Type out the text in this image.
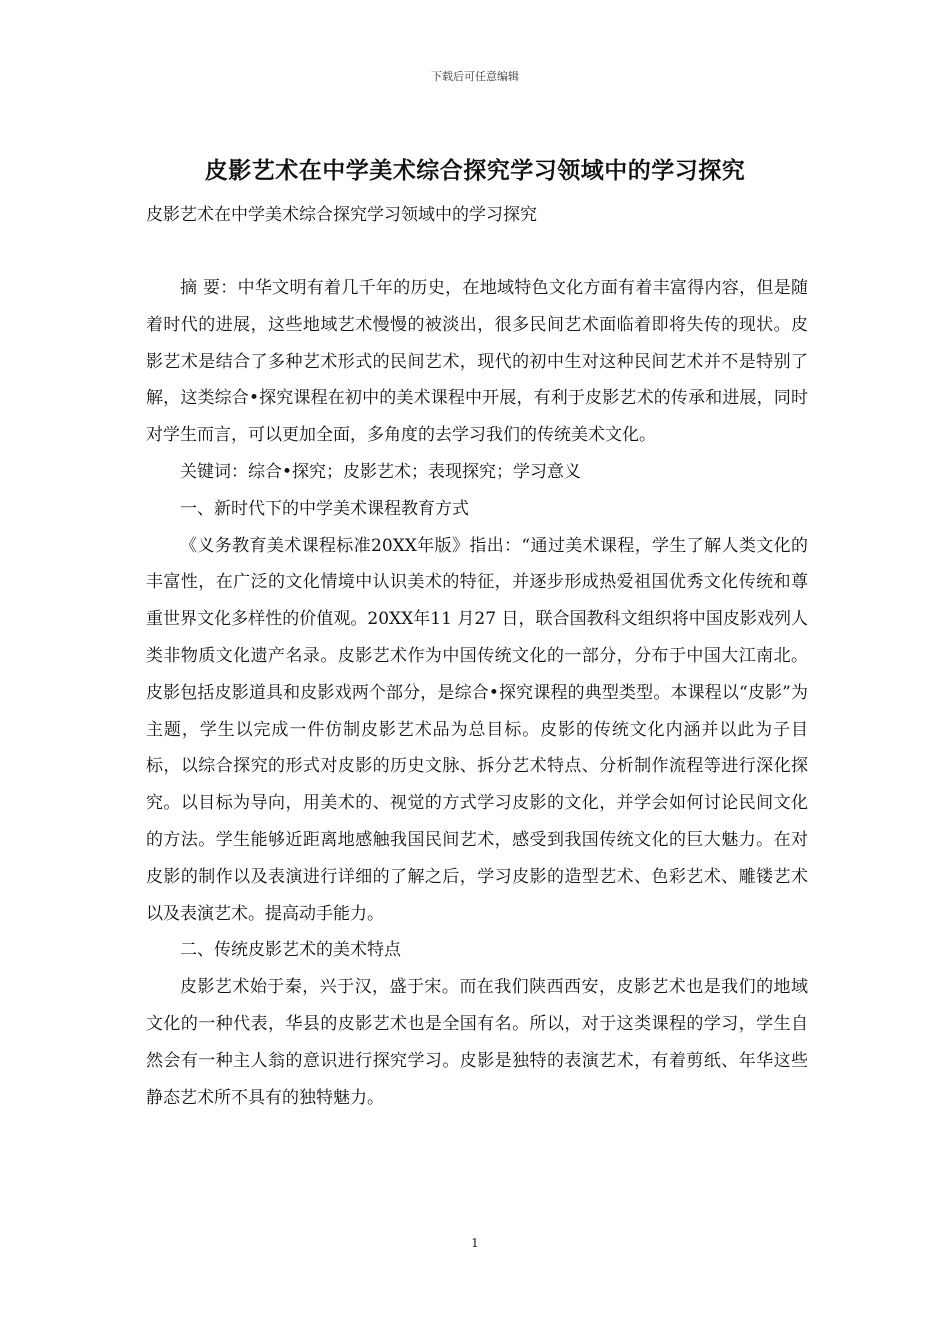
下载后可任意编辑
皮影艺术在中学美术综合探究学习领域中的学习探究

皮影艺术在中学美术综合探究学习领域中的学习探究

摘 要：中华文明有着几千年的历史，在地域特色文化方面有着丰富得内容，但是随着时代的进展，这些地域艺术慢慢的被淡出，很多民间艺术面临着即将失传的现状。皮影艺术是结合了多种艺术形式的民间艺术，现代的初中生对这种民间艺术并不是特别了解，这类综合•探究课程在初中的美术课程中开展，有利于皮影艺术的传承和进展，同时对学生而言，可以更加全面，多角度的去学习我们的传统美术文化。

关键词：综合•探究；皮影艺术；表现探究；学习意义

一、新时代下的中学美术课程教育方式

《义务教育美术课程标准20XX年版》指出：“通过美术课程，学生了解人类文化的丰富性，在广泛的文化情境中认识美术的特征，并逐步形成热爱祖国优秀文化传统和尊重世界文化多样性的价值观。20XX年11 月27 日，联合国教科文组织将中国皮影戏列人类非物质文化遗产名录。皮影艺术作为中国传统文化的一部分，分布于中国大江南北。皮影包括皮影道具和皮影戏两个部分，是综合•探究课程的典型类型。本课程以“皮影”为主题，学生以完成一件仿制皮影艺术品为总目标。皮影的传统文化内涵并以此为子目标，以综合探究的形式对皮影的历史文脉、拆分艺术特点、分析制作流程等进行深化探究。以目标为导向，用美术的、视觉的方式学习皮影的文化，并学会如何讨论民间文化的方法。学生能够近距离地感触我国民间艺术，感受到我国传统文化的巨大魅力。在对皮影的制作以及表演进行详细的了解之后，学习皮影的造型艺术、色彩艺术、雕镂艺术以及表演艺术。提高动手能力。

二、传统皮影艺术的美术特点

皮影艺术始于秦，兴于汉，盛于宋。而在我们陕西西安，皮影艺术也是我们的地域文化的一种代表，华县的皮影艺术也是全国有名。所以，对于这类课程的学习，学生自然会有一种主人翁的意识进行探究学习。皮影是独特的表演艺术，有着剪纸、年华这些静态艺术所不具有的独特魅力。

1
